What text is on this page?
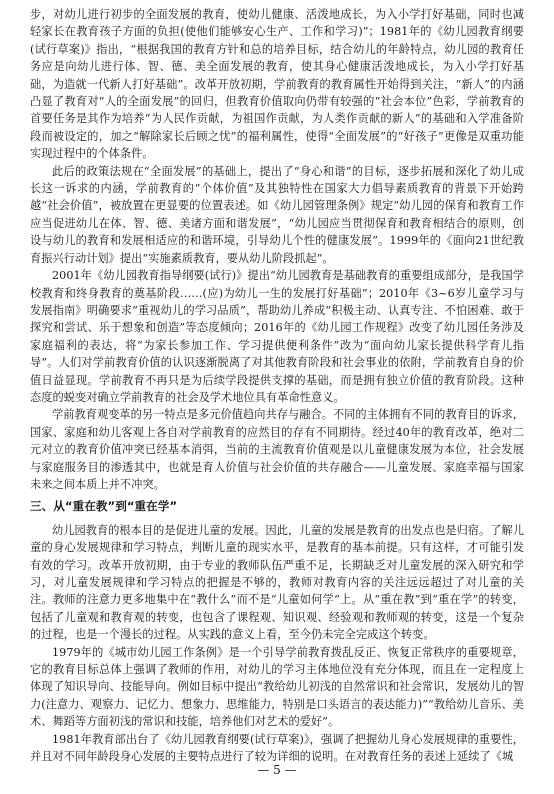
步，对幼儿进行初步的全面发展的教育，使幼儿健康、活泼地成长，为入小学打好基础，同时也减轻家长在教育孩子方面的负担(使他们能够安心生产、工作和学习)”；1981年的《幼儿园教育纲要(试行草案)》指出，“根据我国的教育方针和总的培养目标，结合幼儿的年龄特点，幼儿园的教育任务应是向幼儿进行体、智、德、美全面发展的教育，使其身心健康活泼地成长，为入小学打好基础，为造就一代新人打好基础”。改革开放初期，学前教育的教育属性开始得到关注，“新人”的内涵凸显了教育对“人的全面发展”的回归，但教育价值取向仍带有较强的“社会本位”色彩，学前教育的首要任务是其作为培养“为人民作贡献，为祖国作贡献，为人类作贡献的新人”的基础和入学准备阶段而被设定的，加之“解除家长后顾之忧”的福利属性，使得“全面发展”的“好孩子”更像是双重功能实现过程中的个体条件。

此后的政策法规在“全面发展”的基础上，提出了“身心和谐”的目标，逐步拓展和深化了幼儿成长这一诉求的内涵，学前教育的“个体价值”及其独特性在国家大力倡导素质教育的背景下开始跨越“社会价值”，被放置在更显要的位置表述。如《幼儿园管理条例》规定“幼儿园的保育和教育工作应当促进幼儿在体、智、德、美诸方面和谐发展”，“幼儿园应当贯彻保育和教育相结合的原则，创设与幼儿的教育和发展相适应的和谐环境，引导幼儿个性的健康发展”。1999年的《面向21世纪教育振兴行动计划》提出“实施素质教育，要从幼儿阶段抓起”。

2001年《幼儿园教育指导纲要(试行)》提出“幼儿园教育是基础教育的重要组成部分，是我国学校教育和终身教育的奠基阶段……(应)为幼儿一生的发展打好基础”；2010年《3~6岁儿童学习与发展指南》明确要求“重视幼儿的学习品质”，帮助幼儿养成“积极主动、认真专注、不怕困难、敢于探究和尝试、乐于想象和创造”等态度倾向；2016年的《幼儿园工作规程》改变了幼儿园任务涉及家庭福利的表达，将“为家长参加工作、学习提供便利条件”改为“面向幼儿家长提供科学育儿指导”。人们对学前教育价值的认识逐渐脱离了对其他教育阶段和社会事业的依附，学前教育自身的价值日益显现。学前教育不再只是为后续学段提供支撑的基础，而是拥有独立价值的教育阶段。这种态度的蜕变对确立学前教育的社会及学术地位具有革命性意义。

学前教育观变革的另一特点是多元价值趋向共存与融合。不同的主体拥有不同的教育目的诉求，国家、家庭和幼儿客观上各自对学前教育的应然目的存有不同期待。经过40年的教育改革，绝对二元对立的教育价值冲突已经基本消弭，当前的主流教育价值观是以儿童健康发展为本位，社会发展与家庭服务目的渗透其中，也就是育人价值与社会价值的共存融合——儿童发展、家庭幸福与国家未来之间本质上并不冲突。

三、从“重在教”到“重在学”

幼儿园教育的根本目的是促进儿童的发展。因此，儿童的发展是教育的出发点也是归宿。了解儿童的身心发展规律和学习特点，判断儿童的现实水平，是教育的基本前提。只有这样，才可能引发有效的学习。改革开放初期，由于专业的教师队伍严重不足，长期缺乏对儿童发展的深入研究和学习，对儿童发展规律和学习特点的把握是不够的，教师对教育内容的关注远远超过了对儿童的关注。教师的注意力更多地集中在“教什么”而不是“儿童如何学”上。从“重在教”到“重在学”的转变，包括了儿童观和教育观的转变，也包含了课程观、知识观、经验观和教师观的转变，这是一个复杂的过程，也是一个漫长的过程。从实践的意义上看，至今仍未完全完成这个转变。

1979年的《城市幼儿园工作条例》是一个引导学前教育拨乱反正、恢复正常秩序的重要规章，它的教育目标总体上强调了教师的作用，对幼儿的学习主体地位没有充分体现，而且在一定程度上体现了知识导向、技能导向。例如目标中提出“教给幼儿初浅的自然常识和社会常识，发展幼儿的智力(注意力、观察力、记忆力、想象力、思维能力，特别是口头语言的表达能力)”“教给幼儿音乐、美术、舞蹈等方面初浅的常识和技能，培养他们对艺术的爱好”。

1981年教育部出台了《幼儿园教育纲要(试行草案)》，强调了把握幼儿身心发展规律的重要性，并且对不同年龄段身心发展的主要特点进行了较为详细的说明。在对教育任务的表述上延续了《城

— 5 —
